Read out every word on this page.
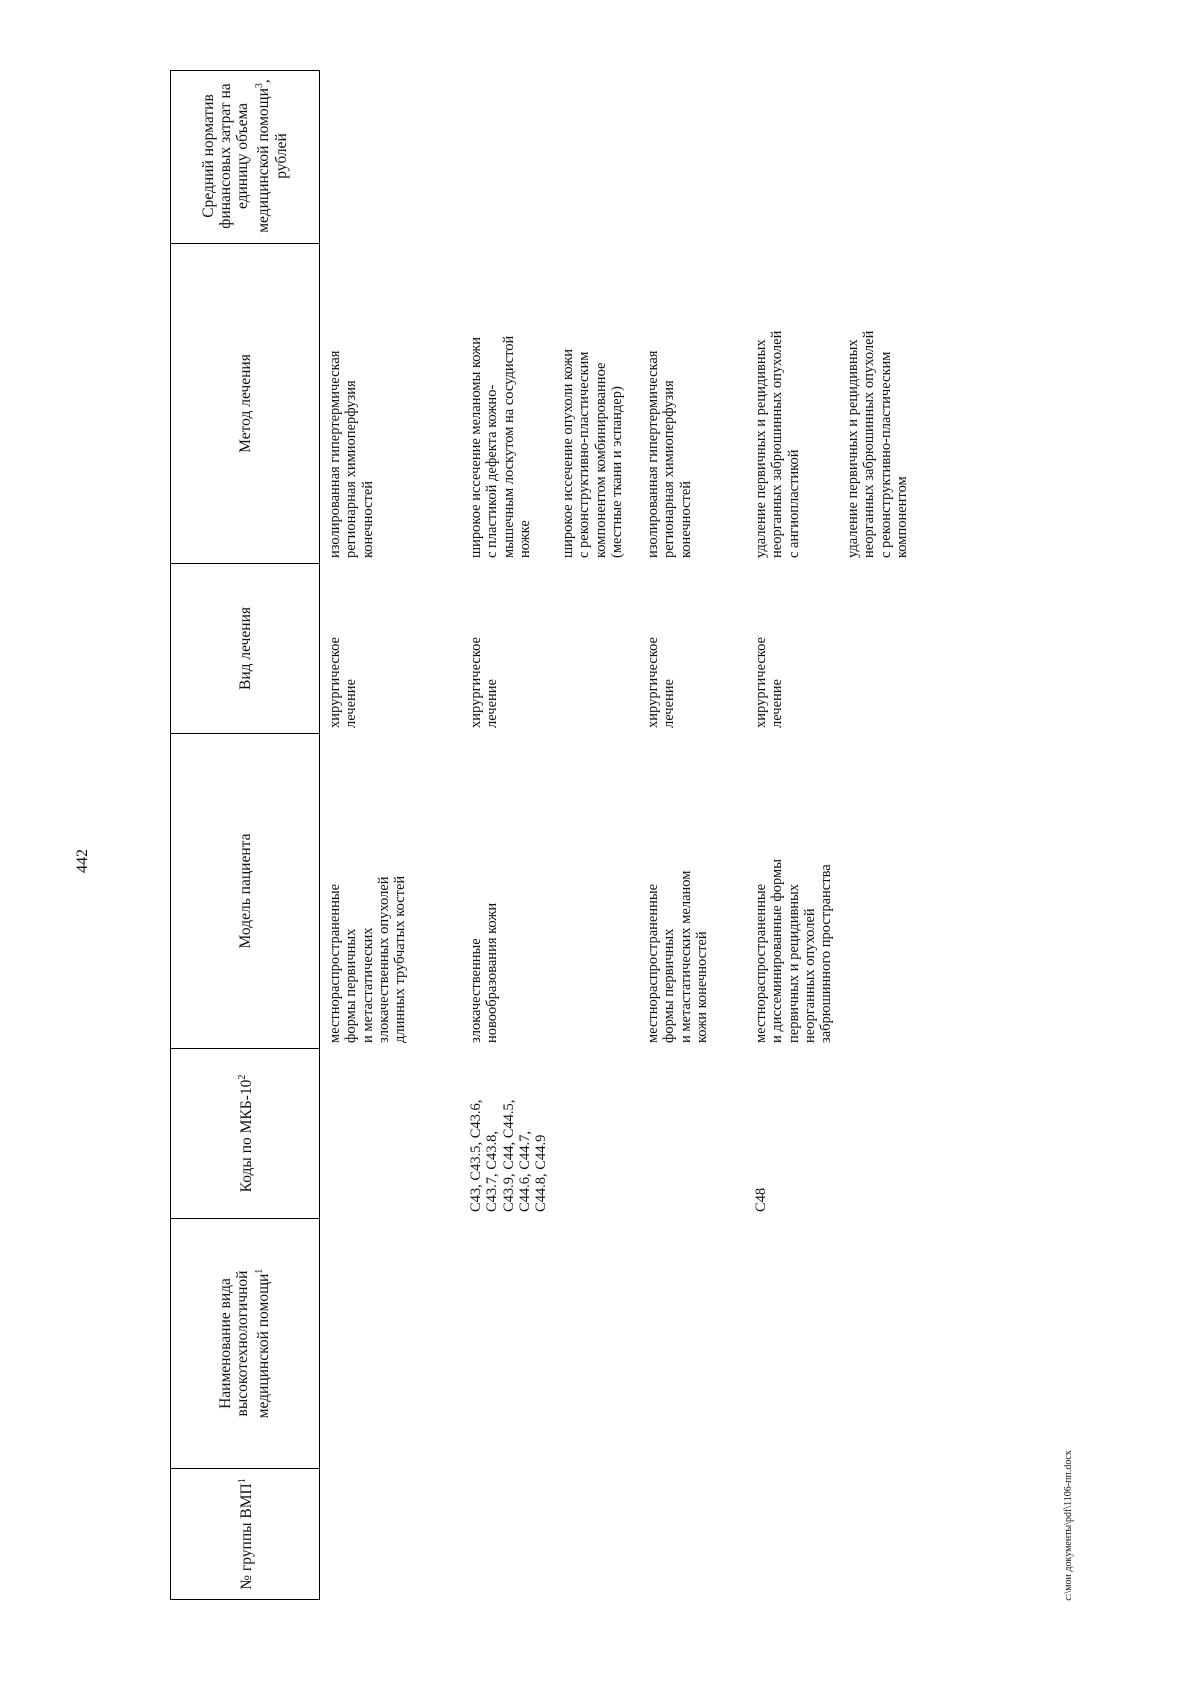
442
№ группы ВМП$^1$
Наименование вида высокотехнологичной медицинской помощи$^1$
Коды по МКБ-$10^2$
Модель пациента
Вид лечения
Метод лечения
Средний норматив финансовых затрат на единицу объема медицинской помощи$^3$, рублей
местнораспространенные
формы первичных
и метастатических
злокачественных опухолей
длинных трубчатых костей
хирургическое
лечение
изолированная гипертермическая
регионарная химиоперфузия
конечностей
C43, C43.5, C43.6,
C43.7, C43.8,
C43.9, C44, C44.5,
C44.6, C44.7,
C44.8, C44.9
злокачественные
новообразования кожи
хирургическое
лечение
широкое иссечение меланомы кожи
с пластикой дефекта кожно-
мышечным лоскутом на сосудистой
ножке широкое иссечение опухоли кожи
с реконструктивно-пластическим
компонентом комбинированное
(местные ткани и эспандер)
местнораспространенные
формы первичных
и метастатических меланом
кожи конечностей
хирургическое
лечение
изолированная гипертермическая
регионарная химиоперфузия
конечностей
C48
местнораспространенные
и диссеминированные формы
первичных и рецидивных
неорганных опухолей
забрюшинного пространства
хирургическое
лечение
удаление первичных и рецидивных
неорганных забрюшинных опухолей
с ангиопластикой	удаление первичных и рецидивных
неорганных забрюшинных опухолей
с реконструктивно-пластическим
компонентом
c:\мои документы\pdf\1106-пп.docx
